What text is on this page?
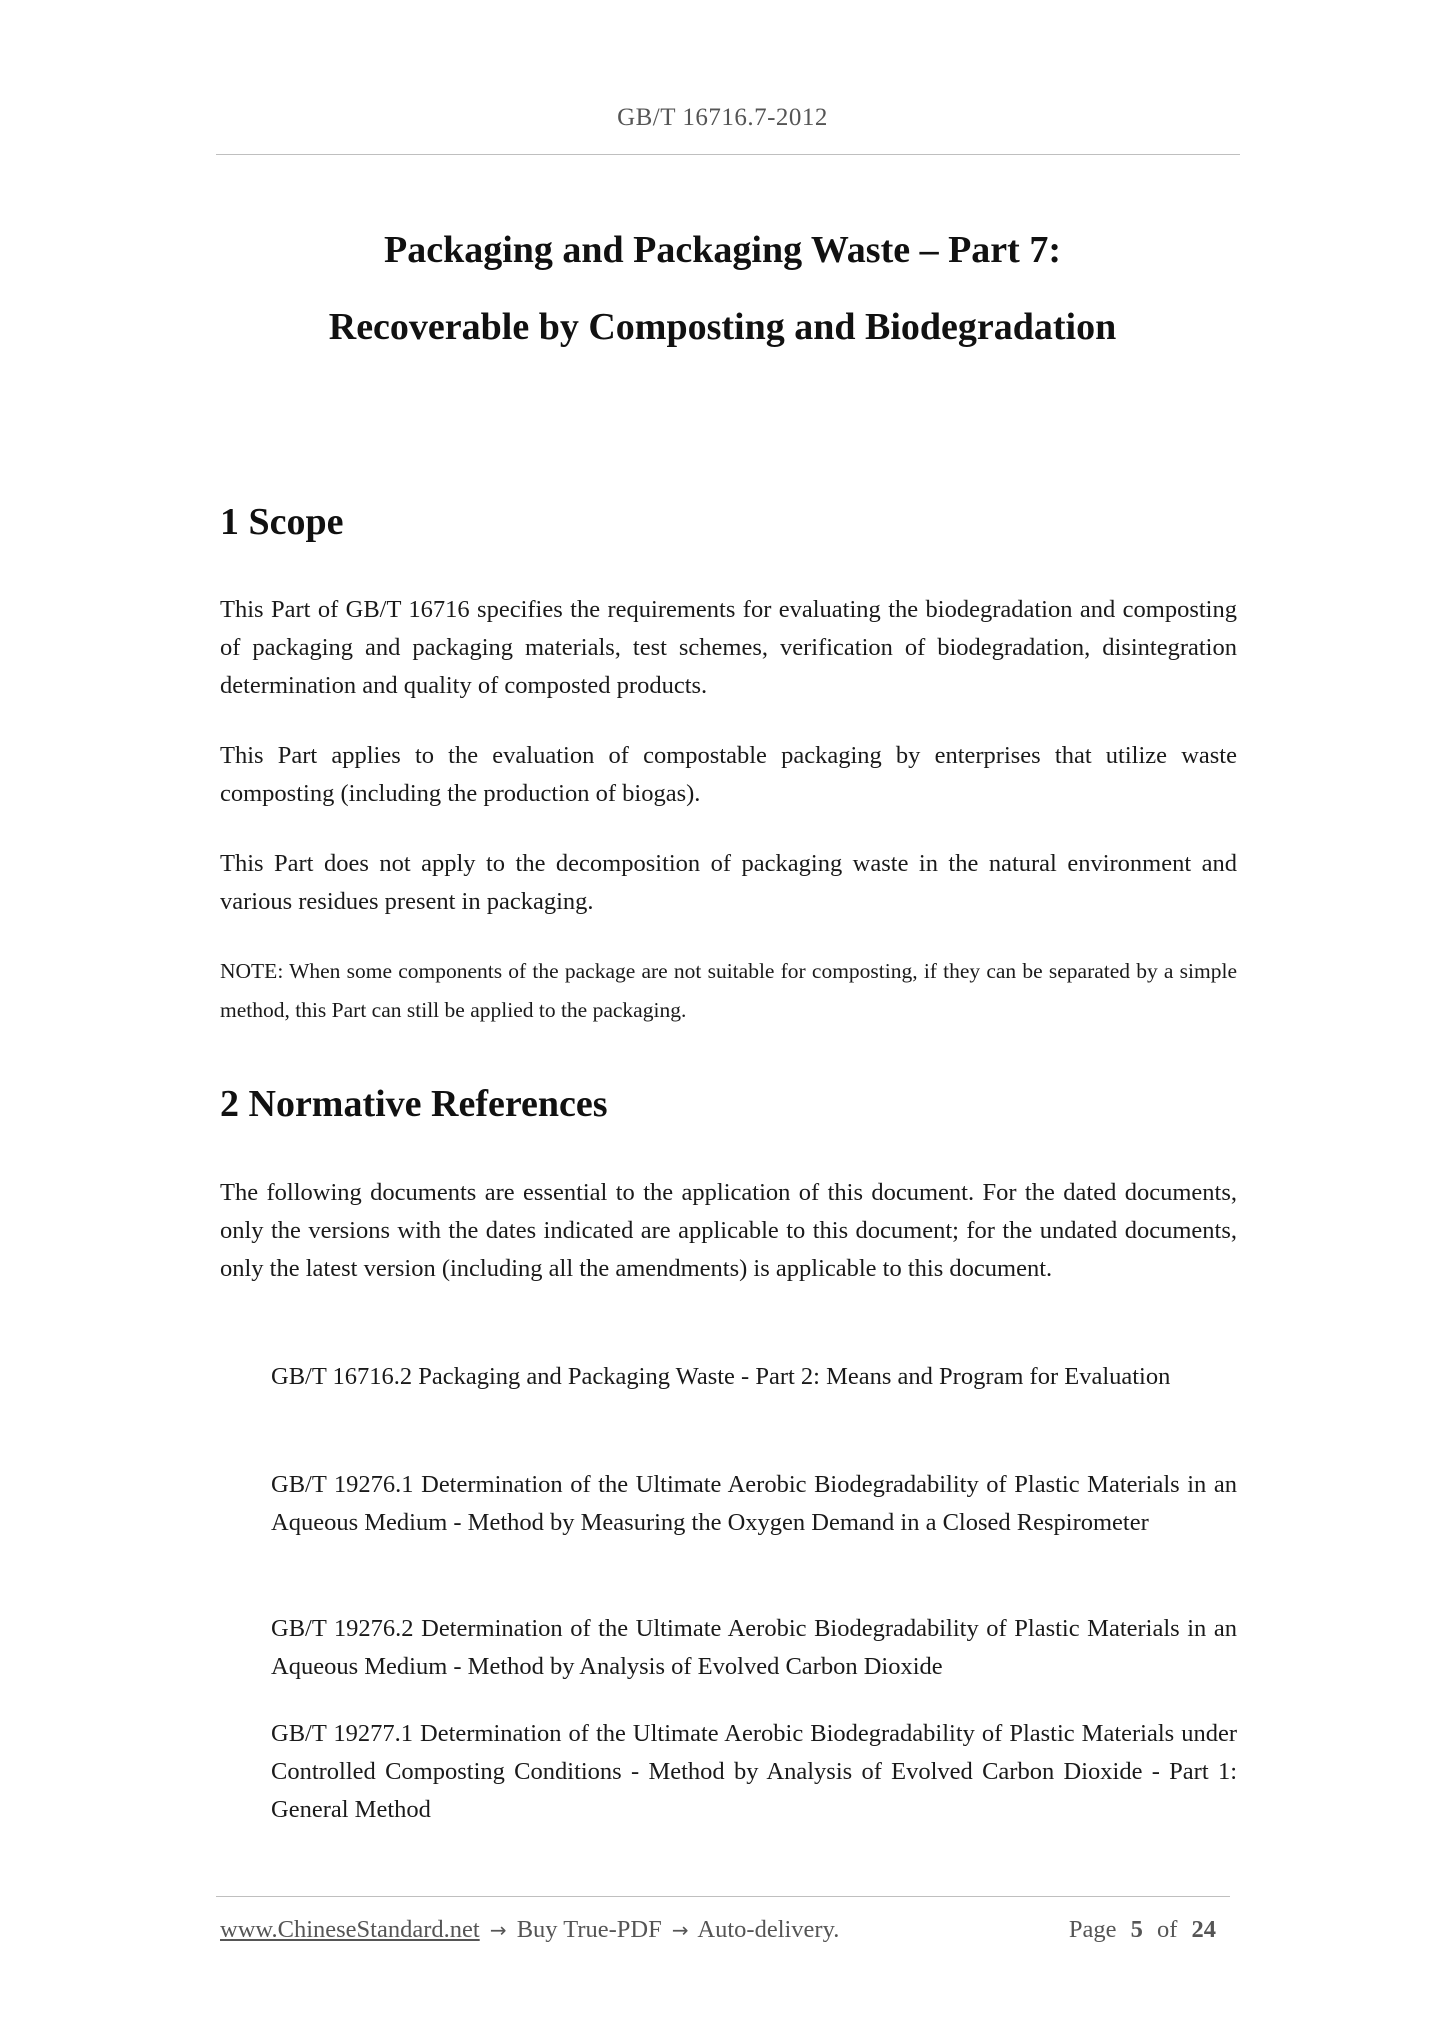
GB/T 16716.7-2012
Packaging and Packaging Waste – Part 7:
Recoverable by Composting and Biodegradation
1 Scope

This Part of GB/T 16716 specifies the requirements for evaluating the biodegradation and composting of packaging and packaging materials, test schemes, verification of biodegradation, disintegration determination and quality of composted products.

This Part applies to the evaluation of compostable packaging by enterprises that utilize waste composting (including the production of biogas).

This Part does not apply to the decomposition of packaging waste in the natural environment and various residues present in packaging.

NOTE: When some components of the package are not suitable for composting, if they can be separated by a simple method, this Part can still be applied to the packaging.

2 Normative References

The following documents are essential to the application of this document. For the dated documents, only the versions with the dates indicated are applicable to this document; for the undated documents, only the latest version (including all the amendments) is applicable to this document.

GB/T 16716.2 Packaging and Packaging Waste - Part 2: Means and Program for Evaluation

GB/T 19276.1 Determination of the Ultimate Aerobic Biodegradability of Plastic Materials in an Aqueous Medium - Method by Measuring the Oxygen Demand in a Closed Respirometer

GB/T 19276.2 Determination of the Ultimate Aerobic Biodegradability of Plastic Materials in an Aqueous Medium - Method by Analysis of Evolved Carbon Dioxide

GB/T 19277.1 Determination of the Ultimate Aerobic Biodegradability of Plastic Materials under Controlled Composting Conditions - Method by Analysis of Evolved Carbon Dioxide - Part 1: General Method

www.ChineseStandard.net → Buy True-PDF → Auto-delivery.	Page 5 of 24
